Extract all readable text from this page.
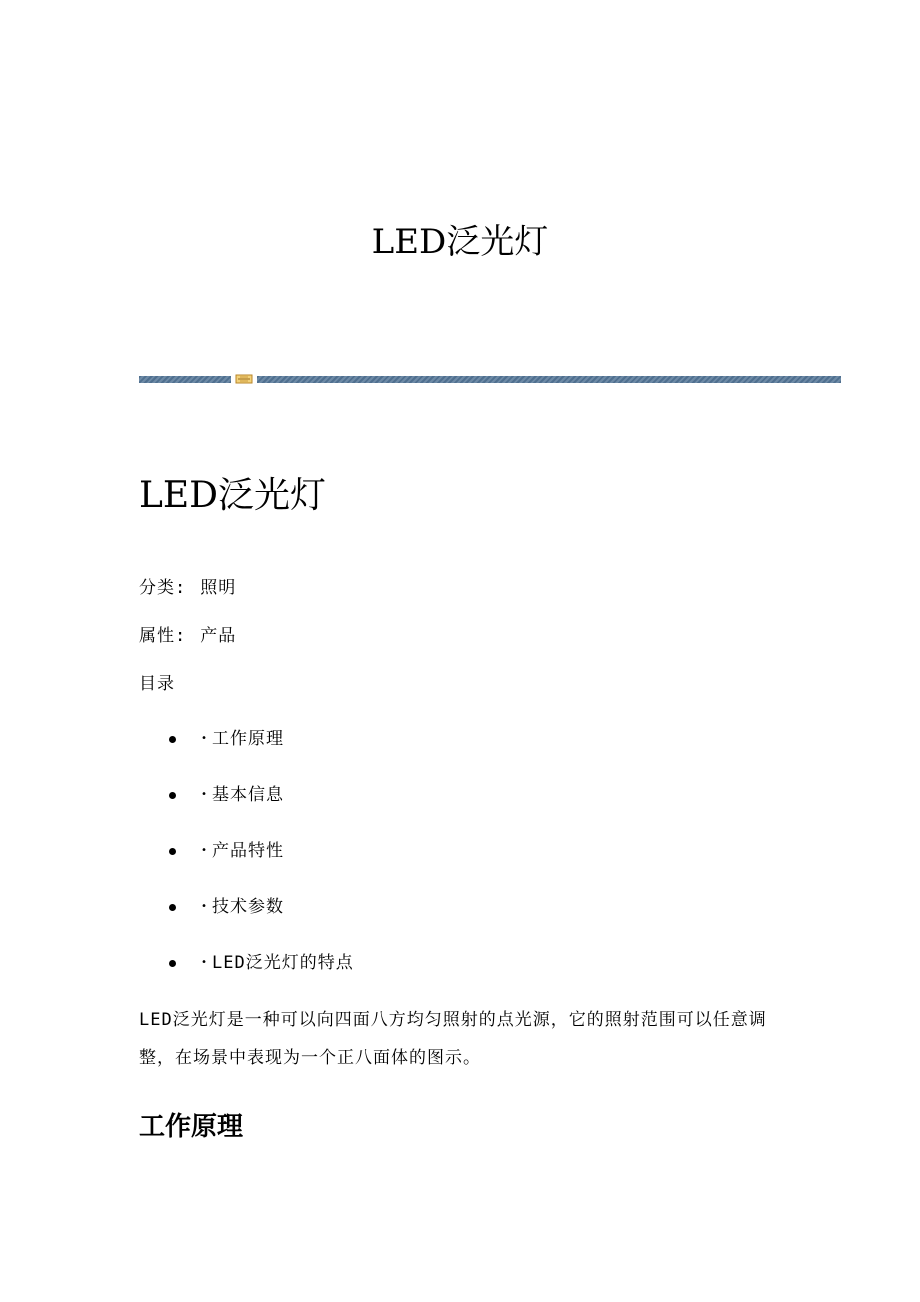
LED泛光灯
LED泛光灯
分类: 照明
属性: 产品
目录
• 工作原理
• 基本信息
• 产品特性
• 技术参数
• LED泛光灯的特点

LED泛光灯是一种可以向四面八方均匀照射的点光源，它的照射范围可以任意调整，在场景中表现为一个正八面体的图示。

工作原理
